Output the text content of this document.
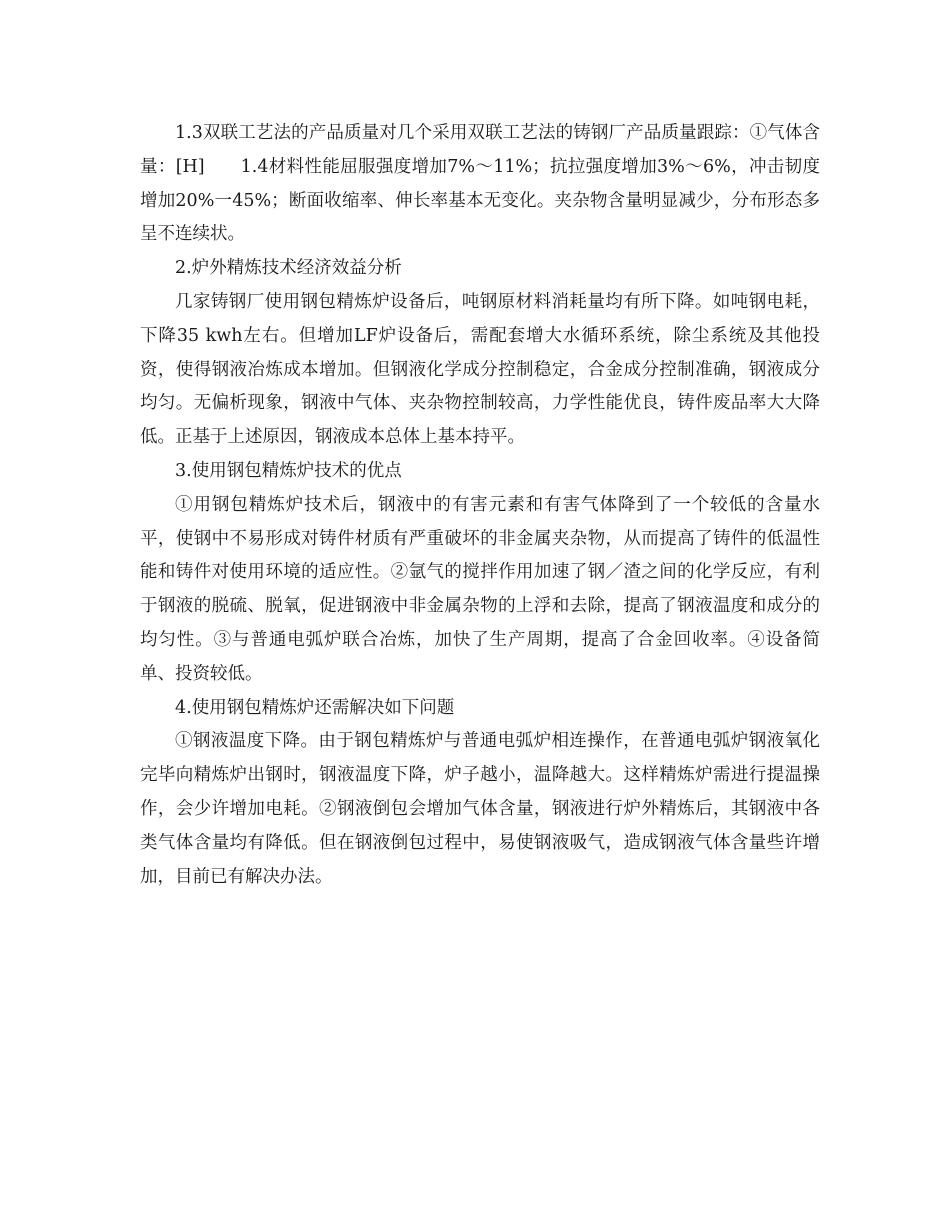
1.3双联工艺法的产品质量对几个采用双联工艺法的铸钢厂产品质量跟踪：①气体含量：[H]　　1.4材料性能屈服强度增加7%～11%；抗拉强度增加3%～6%，冲击韧度增加20%一45%；断面收缩率、伸长率基本无变化。夹杂物含量明显减少，分布形态多呈不连续状。

2.炉外精炼技术经济效益分析

几家铸钢厂使用钢包精炼炉设备后，吨钢原材料消耗量均有所下降。如吨钢电耗，下降35 kwh左右。但增加LF炉设备后，需配套增大水循环系统，除尘系统及其他投资，使得钢液冶炼成本增加。但钢液化学成分控制稳定，合金成分控制准确，钢液成分均匀。无偏析现象，钢液中气体、夹杂物控制较高，力学性能优良，铸件废品率大大降低。正基于上述原因，钢液成本总体上基本持平。

3.使用钢包精炼炉技术的优点

①用钢包精炼炉技术后，钢液中的有害元素和有害气体降到了一个较低的含量水平，使钢中不易形成对铸件材质有严重破坏的非金属夹杂物，从而提高了铸件的低温性能和铸件对使用环境的适应性。②氩气的搅拌作用加速了钢／渣之间的化学反应，有利于钢液的脱硫、脱氧，促进钢液中非金属杂物的上浮和去除，提高了钢液温度和成分的均匀性。③与普通电弧炉联合冶炼，加快了生产周期，提高了合金回收率。④设备简单、投资较低。

4.使用钢包精炼炉还需解决如下问题

①钢液温度下降。由于钢包精炼炉与普通电弧炉相连操作，在普通电弧炉钢液氧化完毕向精炼炉出钢时，钢液温度下降，炉子越小，温降越大。这样精炼炉需进行提温操作，会少许增加电耗。②钢液倒包会增加气体含量，钢液进行炉外精炼后，其钢液中各类气体含量均有降低。但在钢液倒包过程中，易使钢液吸气，造成钢液气体含量些许增加，目前已有解决办法。
